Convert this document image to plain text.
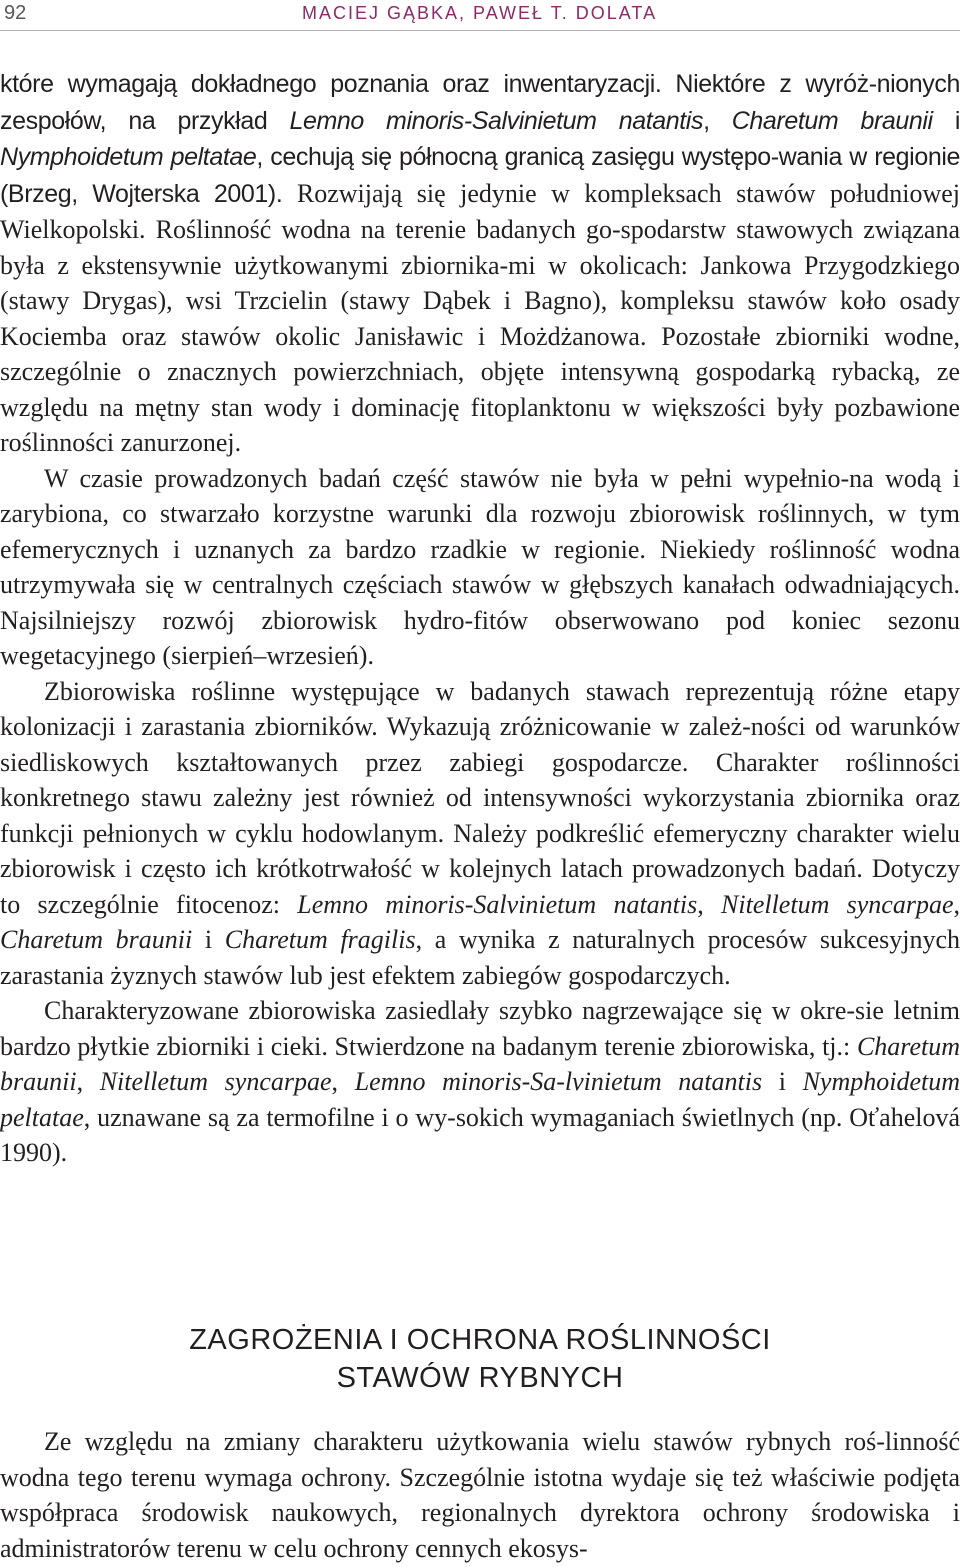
92	MACIEJ GĄBKA, PAWEŁ T. DOLATA

które wymagają dokładnego poznania oraz inwentaryzacji. Niektóre z wyróż-nionych zespołów, na przykład Lemno minoris-Salvinietum natantis, Charetum braunii i Nymphoidetum peltatae, cechują się północną granicą zasięgu występo-wania w regionie (Brzeg, Wojterska 2001). Rozwijają się jedynie w kompleksach stawów południowej Wielkopolski. Roślinność wodna na terenie badanych go-spodarstw stawowych związana była z ekstensywnie użytkowanymi zbiornika-mi w okolicach: Jankowa Przygodzkiego (stawy Drygas), wsi Trzcielin (stawy Dąbek i Bagno), kompleksu stawów koło osady Kociemba oraz stawów okolic Janisławic i Możdżanowa. Pozostałe zbiorniki wodne, szczególnie o znacznych powierzchniach, objęte intensywną gospodarką rybacką, ze względu na mętny stan wody i dominację fitoplanktonu w większości były pozbawione roślinności zanurzonej.

W czasie prowadzonych badań część stawów nie była w pełni wypełnio-na wodą i zarybiona, co stwarzało korzystne warunki dla rozwoju zbiorowisk roślinnych, w tym efemerycznych i uznanych za bardzo rzadkie w regionie. Niekiedy roślinność wodna utrzymywała się w centralnych częściach stawów w głębszych kanałach odwadniających. Najsilniejszy rozwój zbiorowisk hydro-fitów obserwowano pod koniec sezonu wegetacyjnego (sierpień–wrzesień).

Zbiorowiska roślinne występujące w badanych stawach reprezentują różne etapy kolonizacji i zarastania zbiorników. Wykazują zróżnicowanie w zależ-ności od warunków siedliskowych kształtowanych przez zabiegi gospodarcze. Charakter roślinności konkretnego stawu zależny jest również od intensywności wykorzystania zbiornika oraz funkcji pełnionych w cyklu hodowlanym. Należy podkreślić efemeryczny charakter wielu zbiorowisk i często ich krótkotrwałość w kolejnych latach prowadzonych badań. Dotyczy to szczególnie fitocenoz: Lemno minoris-Salvinietum natantis, Nitelletum syncarpae, Charetum braunii i Charetum fragilis, a wynika z naturalnych procesów sukcesyjnych zarastania żyznych stawów lub jest efektem zabiegów gospodarczych.

Charakteryzowane zbiorowiska zasiedlały szybko nagrzewające się w okre-sie letnim bardzo płytkie zbiorniki i cieki. Stwierdzone na badanym terenie zbiorowiska, tj.: Charetum braunii, Nitelletum syncarpae, Lemno minoris-Sa-lvinietum natantis i Nymphoidetum peltatae, uznawane są za termofilne i o wy-sokich wymaganiach świetlnych (np. Oťahelová 1990).

ZAGROŻENIA I OCHRONA ROŚLINNOŚCI
STAWÓW RYBNYCH

Ze względu na zmiany charakteru użytkowania wielu stawów rybnych roś-linność wodna tego terenu wymaga ochrony. Szczególnie istotna wydaje się też właściwie podjęta współpraca środowisk naukowych, regionalnych dyrektora ochrony środowiska i administratorów terenu w celu ochrony cennych ekosys-
